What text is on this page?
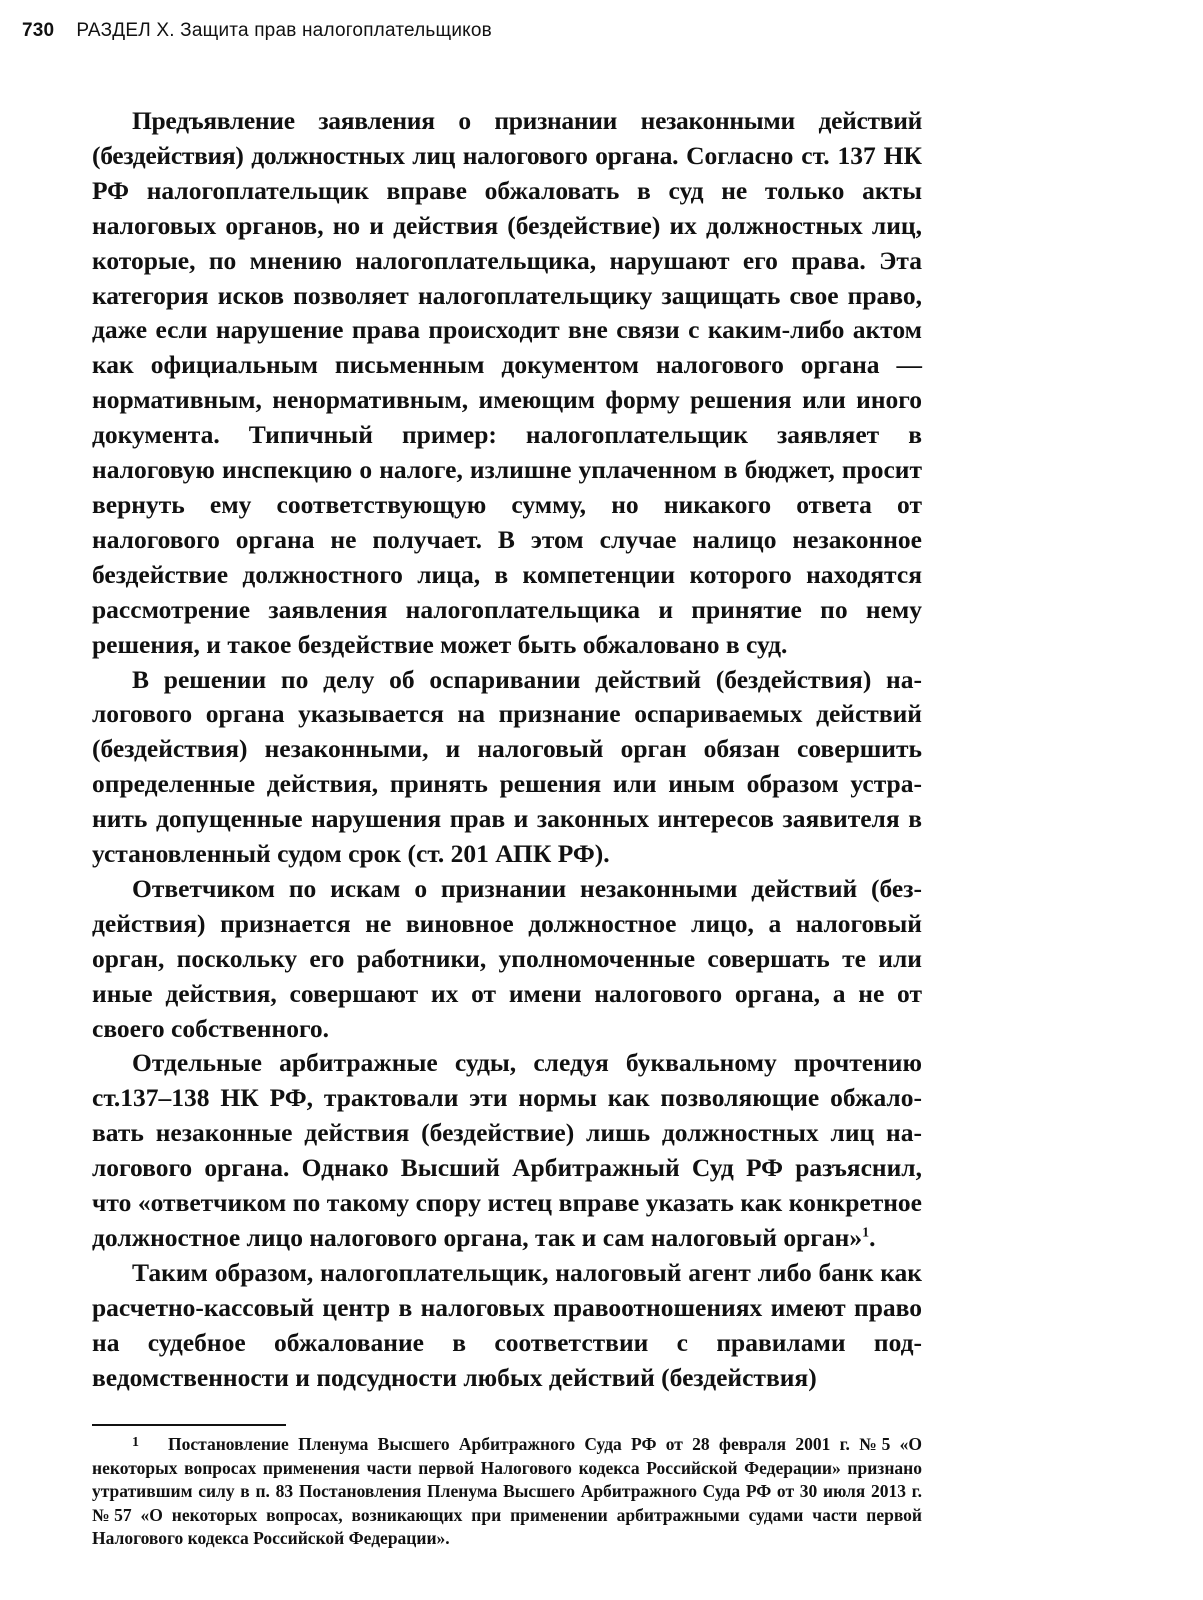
730 РАЗДЕЛ X. Защита прав налогоплательщиков

Предъявление заявления о признании незаконными действий (бездействия) должностных лиц налогового органа. Согласно ст. 137 НК РФ налогоплательщик вправе обжаловать в суд не только акты налоговых органов, но и действия (бездействие) их должностных лиц, которые, по мнению налогоплательщика, нарушают его права. Эта категория исков позволяет налогоплательщику защищать свое право, даже если нарушение права происходит вне связи с каким-либо актом как официальным письменным документом налогового органа — нормативным, ненормативным, имеющим форму решения или иного документа. Типичный пример: налогоплательщик заявляет в налоговую инспекцию о налоге, излишне уплаченном в бюджет, просит вернуть ему соответствующую сумму, но никакого ответа от налогового органа не получает. В этом случае налицо незаконное бездействие должностного лица, в компетенции которого находятся рассмотрение заявления налогоплательщика и принятие по нему решения, и такое бездействие может быть обжаловано в суд.

В решении по делу об оспаривании действий (бездействия) налогового органа указывается на признание оспариваемых действий (бездействия) незаконными, и налоговый орган обязан совершить определенные действия, принять решения или иным образом устранить допущенные нарушения прав и законных интересов заявителя в установленный судом срок (ст. 201 АПК РФ).

Ответчиком по искам о признании незаконными действий (бездействия) признается не виновное должностное лицо, а налоговый орган, поскольку его работники, уполномоченные совершать те или иные действия, совершают их от имени налогового органа, а не от своего собственного.

Отдельные арбитражные суды, следуя буквальному прочтению ст.137–138 НК РФ, трактовали эти нормы как позволяющие обжаловать незаконные действия (бездействие) лишь должностных лиц налогового органа. Однако Высший Арбитражный Суд РФ разъяснил, что «ответчиком по такому спору истец вправе указать как конкретное должностное лицо налогового органа, так и сам налоговый орган»$^1$.

Таким образом, налогоплательщик, налоговый агент либо банк как расчетно-кассовый центр в налоговых правоотношениях имеют право на судебное обжалование в соответствии с правилами подведомственности и подсудности любых действий (бездействия)

1 Постановление Пленума Высшего Арбитражного Суда РФ от 28 февраля 2001 г. №5 «О некоторых вопросах применения части первой Налогового кодекса Российской Федерации» признано утратившим силу в п. 83 Постановления Пленума Высшего Арбитражного Суда РФ от 30 июля 2013 г. №57 «О некоторых вопросах, возникающих при применении арбитражными судами части первой Налогового кодекса Российской Федерации».
